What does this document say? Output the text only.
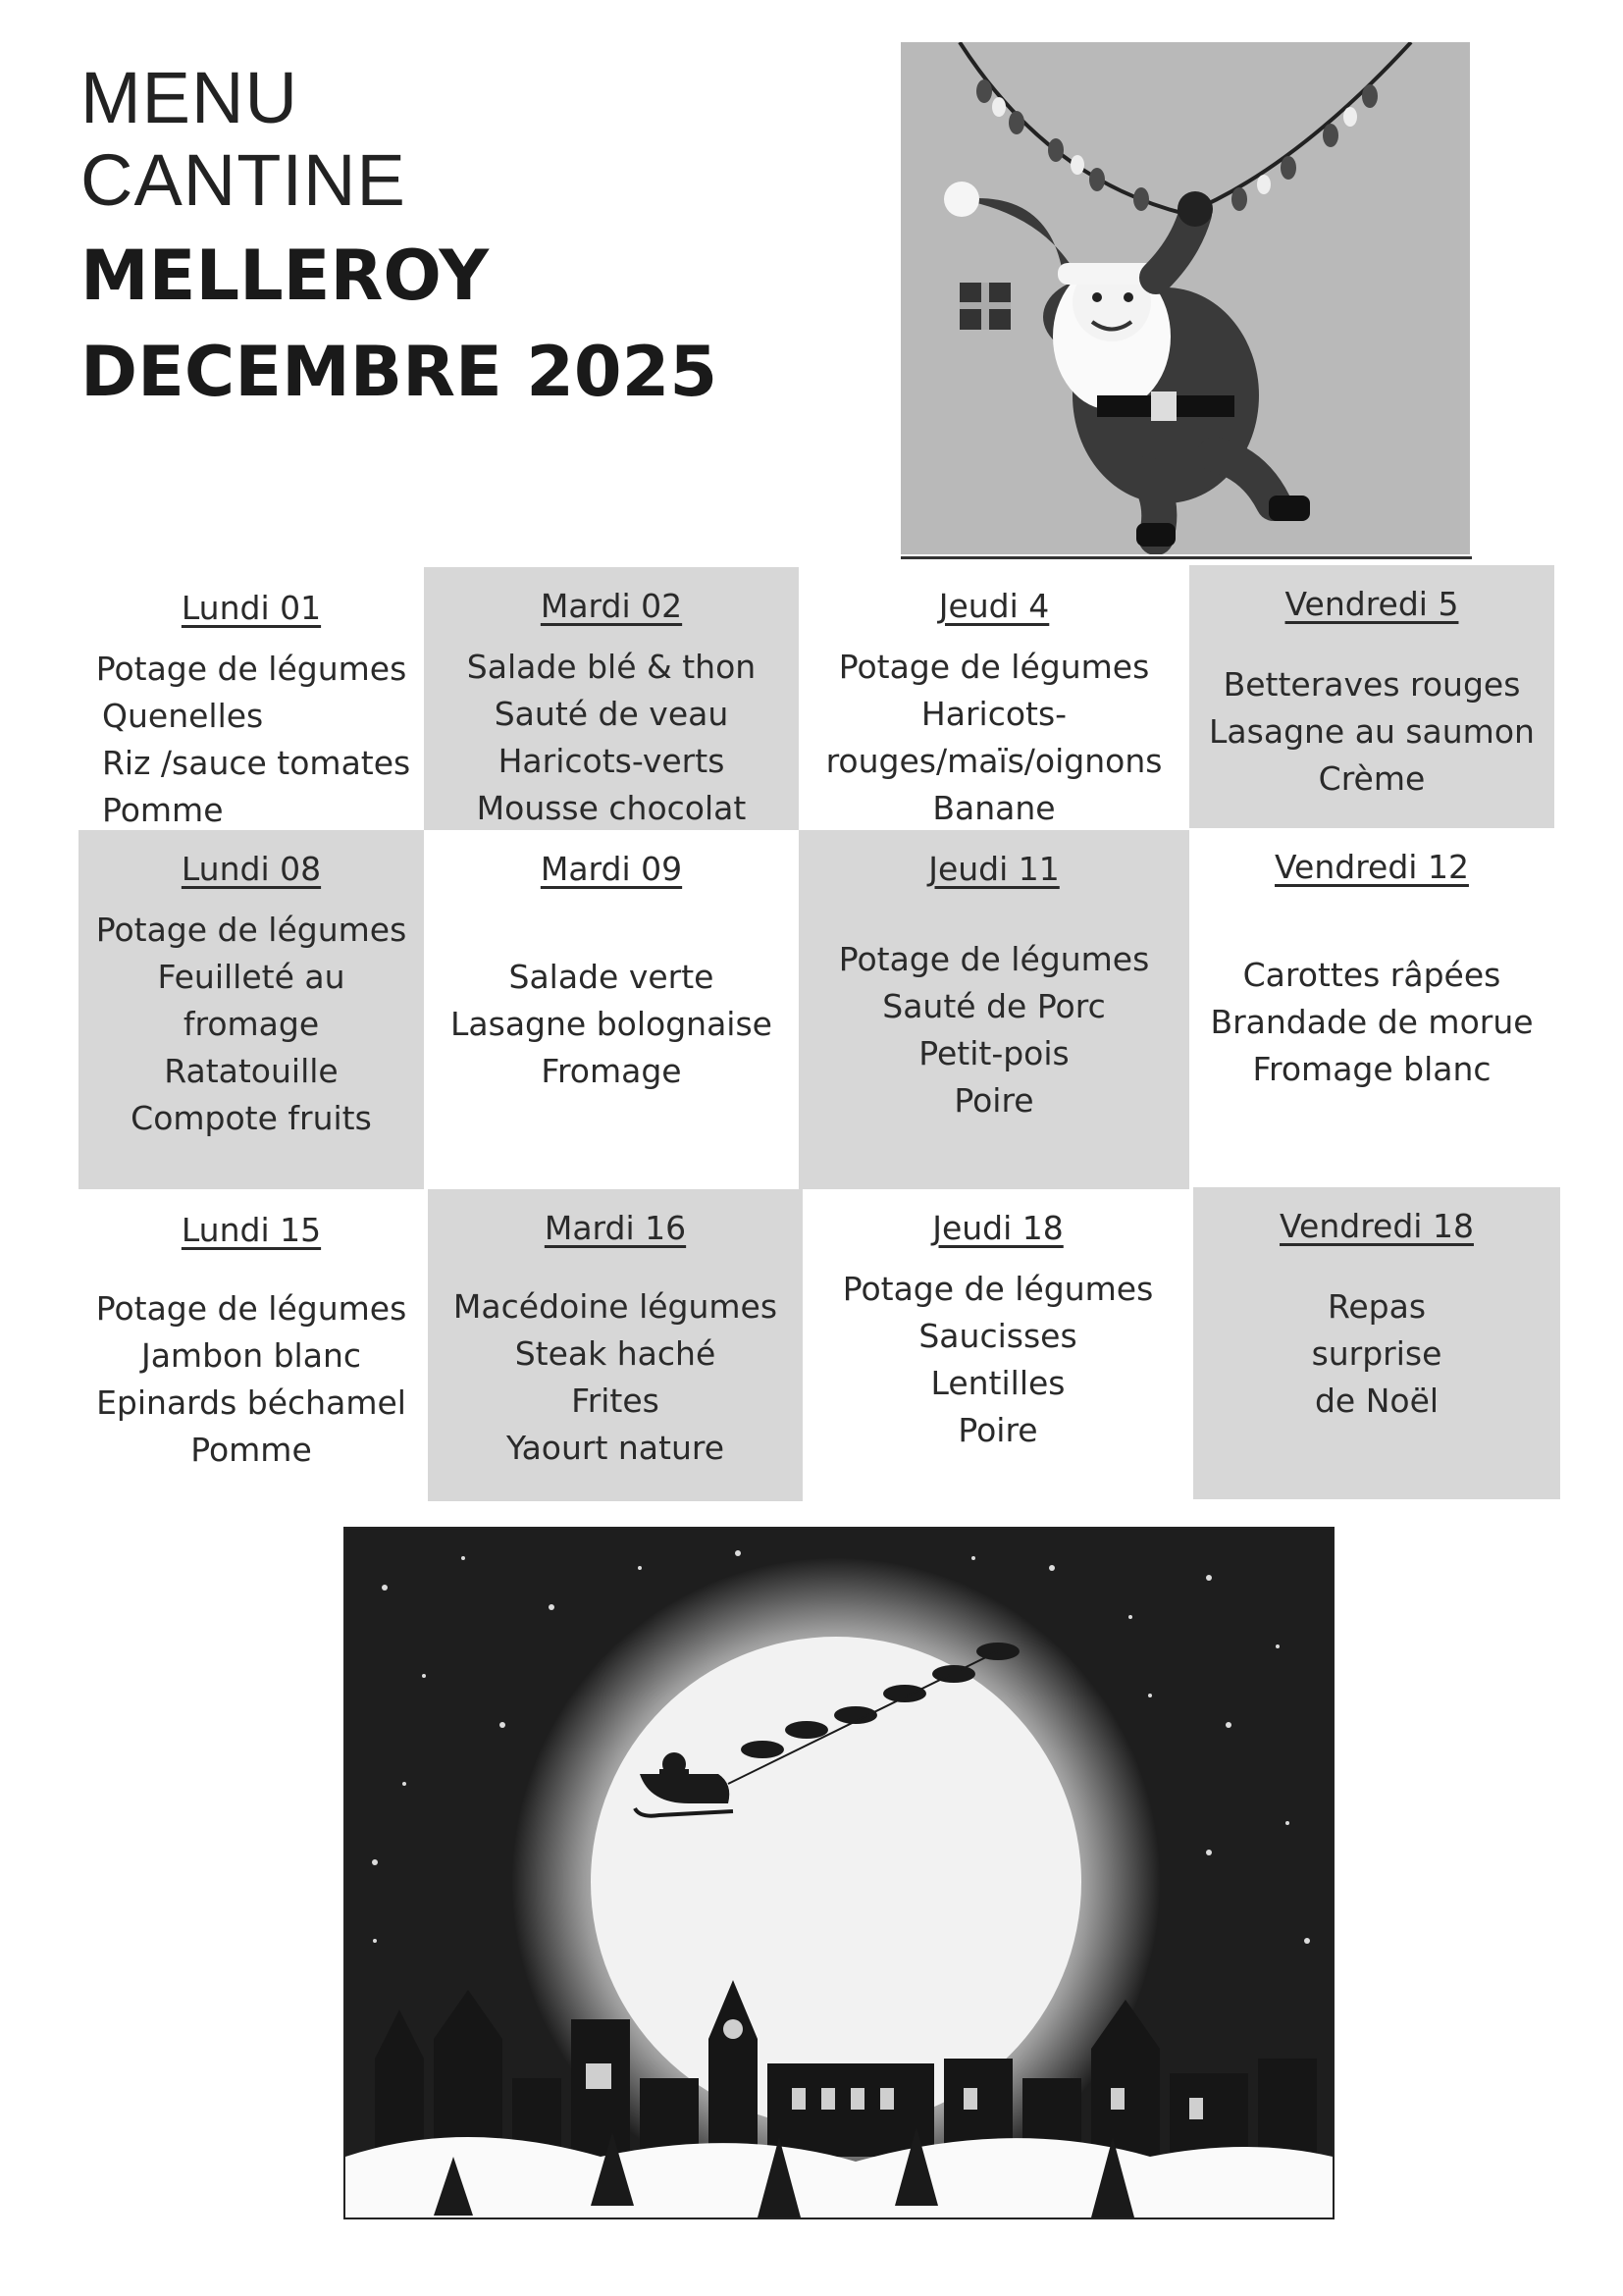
MENU
CANTINE
MELLEROY
DECEMBRE 2025
Lundi 01
Potage de légumes
Quenelles
Riz /sauce tomates
Pomme
Mardi 02
Salade blé & thon
Sauté de veau
Haricots-verts
Mousse chocolat
Jeudi 4
Potage de légumes
Haricots-
rouges/maïs/oignons
Banane
Vendredi 5
Betteraves rouges
Lasagne au saumon
Crème
Lundi 08
Potage de légumes
Feuilleté au
fromage
Ratatouille
Compote fruits
Mardi 09
Salade verte
Lasagne bolognaise
Fromage
Jeudi 11
Potage de légumes
Sauté de Porc
Petit-pois
Poire
Vendredi 12
Carottes râpées
Brandade de morue
Fromage blanc
Lundi 15
Potage de légumes
Jambon blanc
Epinards béchamel
Pomme
Mardi 16
Macédoine légumes
Steak haché
Frites
Yaourt nature
Jeudi 18
Potage de légumes
Saucisses
Lentilles
Poire
Vendredi 18
Repas
surprise
de Noël
